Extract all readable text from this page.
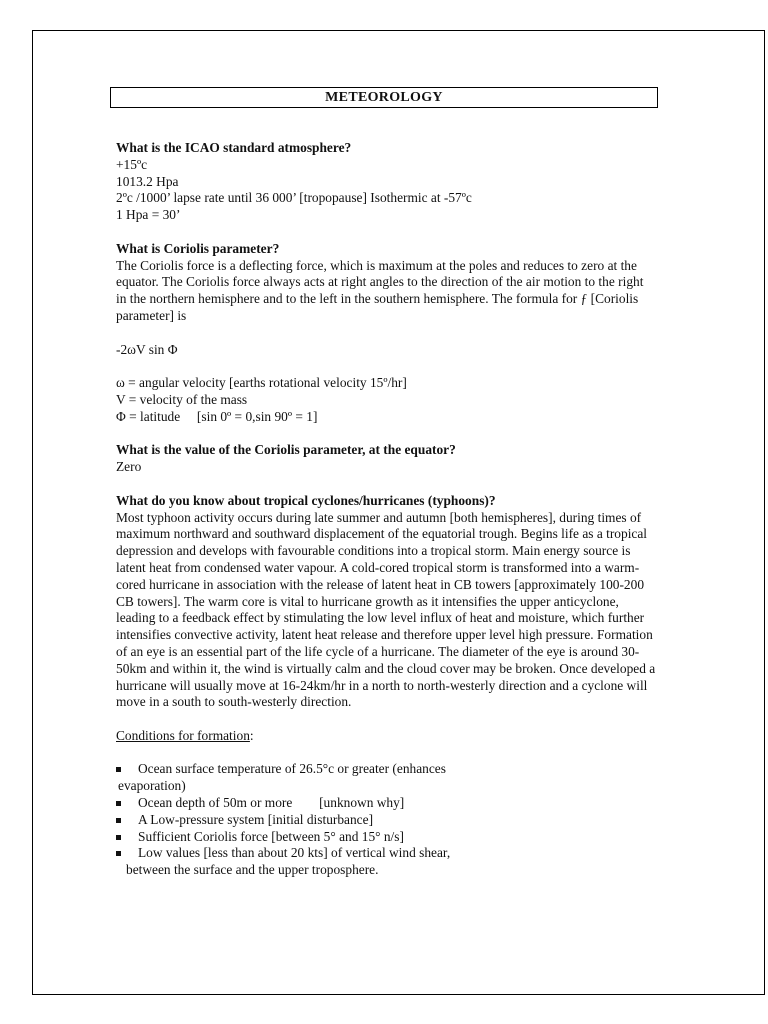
METEOROLOGY

What is the ICAO standard atmosphere?

+15ºc

1013.2 Hpa

2ºc /1000’ lapse rate until 36 000’ [tropopause] Isothermic at -57ºc

1 Hpa = 30’

What is Coriolis parameter?

The Coriolis force is a deflecting force, which is maximum at the poles and reduces to zero at the equator. The Coriolis force always acts at right angles to the direction of the air motion to the right in the northern hemisphere and to the left in the southern hemisphere. The formula for ƒ [Coriolis parameter] is

-2ωV sin Φ

ω = angular velocity [earths rotational velocity 15º/hr]

V = velocity of the mass

Φ = latitude     [sin 0º = 0,sin 90º = 1]

What is the value of the Coriolis parameter, at the equator?

Zero

What do you know about tropical cyclones/hurricanes (typhoons)?

Most typhoon activity occurs during late summer and autumn [both hemispheres], during times of maximum northward and southward displacement of the equatorial trough. Begins life as a tropical depression and develops with favourable conditions into a tropical storm. Main energy source is latent heat from condensed water vapour. A cold-cored tropical storm is transformed into a warm-cored hurricane in association with the release of latent heat in CB towers [approximately 100-200 CB towers]. The warm core is vital to hurricane growth as it intensifies the upper anticyclone, leading to a feedback effect by stimulating the low level influx of heat and moisture, which further intensifies convective activity, latent heat release and therefore upper level high pressure. Formation of an eye is an essential part of the life cycle of a hurricane. The diameter of the eye is around 30-50km and within it, the wind is virtually calm and the cloud cover may be broken. Once developed a hurricane will usually move at 16-24km/hr in a north to north-westerly direction and a cyclone will move in a south to south-westerly direction.

Conditions for formation:

Ocean surface temperature of 26.5°c or greater (enhances
evaporation)
Ocean depth of 50m or more        [unknown why]
A Low-pressure system [initial disturbance]
Sufficient Coriolis force [between 5° and 15° n/s]
Low values [less than about 20 kts] of vertical wind shear,
between the surface and the upper troposphere.
